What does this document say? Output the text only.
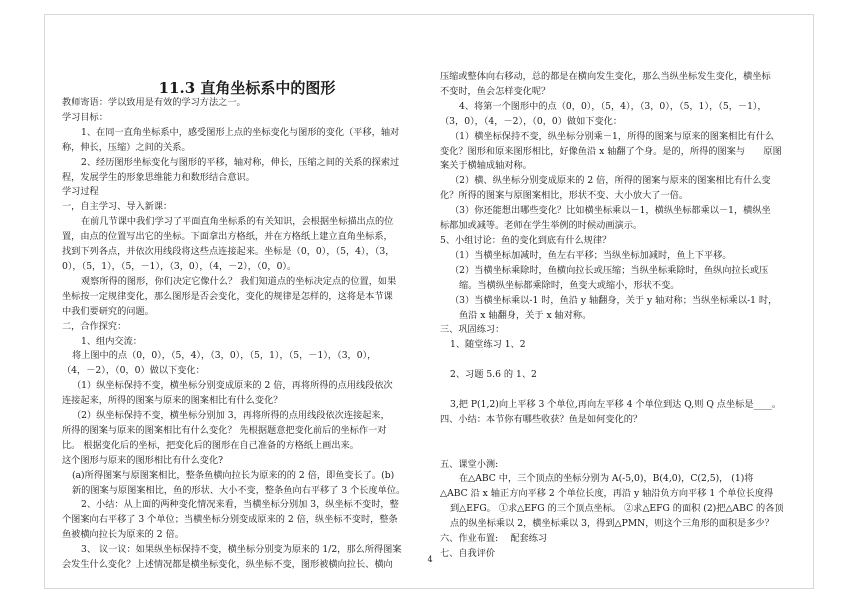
11.3 直角坐标系中的图形

教师寄语：学以致用是有效的学习方法之一。

学习目标：

1、在同一直角坐标系中，感受图形上点的坐标变化与图形的变化（平移，轴对

称，伸长，压缩）之间的关系。

2、经历图形坐标变化与图形的平移，轴对称，伸长，压缩之间的关系的探索过

程，发展学生的形象思维能力和数形结合意识。

学习过程

一，自主学习、导入新课：

在前几节课中我们学习了平面直角坐标系的有关知识，会根据坐标描出点的位

置，由点的位置写出它的坐标。下面拿出方格纸，并在方格纸上建立直角坐标系，

找到下列各点，并依次用线段将这些点连接起来。坐标是（0，0），（5，4），（3，

0），（5，1），（5，－1），（3，0），（4，－2），（0，0）。

观察所得的图形，你们决定它像什么？ 我们知道点的坐标决定点的位置，如果

坐标按一定规律变化，那么图形是否会变化，变化的规律是怎样的，这将是本节课

中我们要研究的问题。

二，合作探究：

1、组内交流：

将上图中的点（0，0），（5，4），（3，0），（5，1），（5，－1），（3，0），

（4，－2），（0，0）做以下变化：

（1）纵坐标保持不变，横坐标分别变成原来的 2 倍，再将所得的点用线段依次

连接起来，所得的图案与原来的图案相比有什么变化？

（2）纵坐标保持不变，横坐标分别加 3，再将所得的点用线段依次连接起来，

所得的图案与原来的图案相比有什么变化？ 先根据题意把变化前后的坐标作一对

比。 根据变化后的坐标，把变化后的图形在自己准备的方格纸上画出来。

这个图形与原来的图形相比有什么变化?

(a)所得图案与原图案相比，整条鱼横向拉长为原来的的 2 倍，即鱼变长了。(b)

新的图案与原图案相比，鱼的形状、大小不变，整条鱼向右平移了 3 个长度单位。

2、小结：从上面的两种变化情况来看，当横坐标分别加 3，纵坐标不变时，整

个图案向右平移了 3 个单位；当横坐标分别变成原来的 2 倍，纵坐标不变时，整条

鱼被横向拉长为原来的 2 倍。

3、 议一议：如果纵坐标保持不变，横坐标分别变为原来的 1/2，那么所得图案

会发生什么变化？上述情况都是横坐标变化，纵坐标不变，图形被横向拉长、横向

压缩或整体向右移动，总的都是在横向发生变化，那么当纵坐标发生变化，横坐标

不变时，鱼会怎样变化呢？

4、将第一个图形中的点（0，0），（5，4），（3，0），（5，1），（5，－1），

（3，0），（4，－2），（0，0）做如下变化：

（1）横坐标保持不变，纵坐标分别乘－1，所得的图案与原来的图案相比有什么

变化？图形和原来图形相比，好像鱼沿 x 轴翻了个身。是的，所得的图案与　　原图

案关于横轴成轴对称。

（2）横、纵坐标分别变成原来的 2 倍，所得的图案与原来的图案相比有什么变

化？所得的图案与原图案相比，形状不变、大小放大了一倍。

（3）你还能想出哪些变化？比如横坐标乘以－1，横纵坐标都乘以－1，横纵坐

标都加或减等。老师在学生举例的时候动画演示。

5、小组讨论：鱼的变化到底有什么规律？

（1）当横坐标加减时，鱼左右平移；当纵坐标加减时，鱼上下平移。

（2）当横坐标乘除时，鱼横向拉长或压缩；当纵坐标乘除时，鱼纵向拉长或压

缩。当横纵坐标都乘除时，鱼变大或缩小，形状不变。

（3）当横坐标乘以-1 时，鱼沿 y 轴翻身，关于 y 轴对称；当纵坐标乘以-1 时，

鱼沿 x 轴翻身，关于 x 轴对称。

三、巩固练习：

1、随堂练习 1、2

2、习题 5.6 的 1、2

3,把 P(1,2)向上平移 3 个单位,再向左平移 4 个单位到达 Q,则 Q 点坐标是____。

四、小结：本节你有哪些收获？鱼是如何变化的？

五、课堂小测:

在△ABC 中，三个顶点的坐标分别为 A(-5,0)，B(4,0)，C(2,5)， (1)将

△ABC 沿 x 轴正方向平移 2 个单位长度，再沿 y 轴沿负方向平移 1 个单位长度得

到△EFG。 ①求△EFG 的三个顶点坐标。 ②求△EFG 的面积 (2)把△ABC 的各顶

点的纵坐标乘以 2，横坐标乘以 3，得到△PMN，则这个三角形的面积是多少？

六、作业布置: 　配套练习

七、自我评价

4
